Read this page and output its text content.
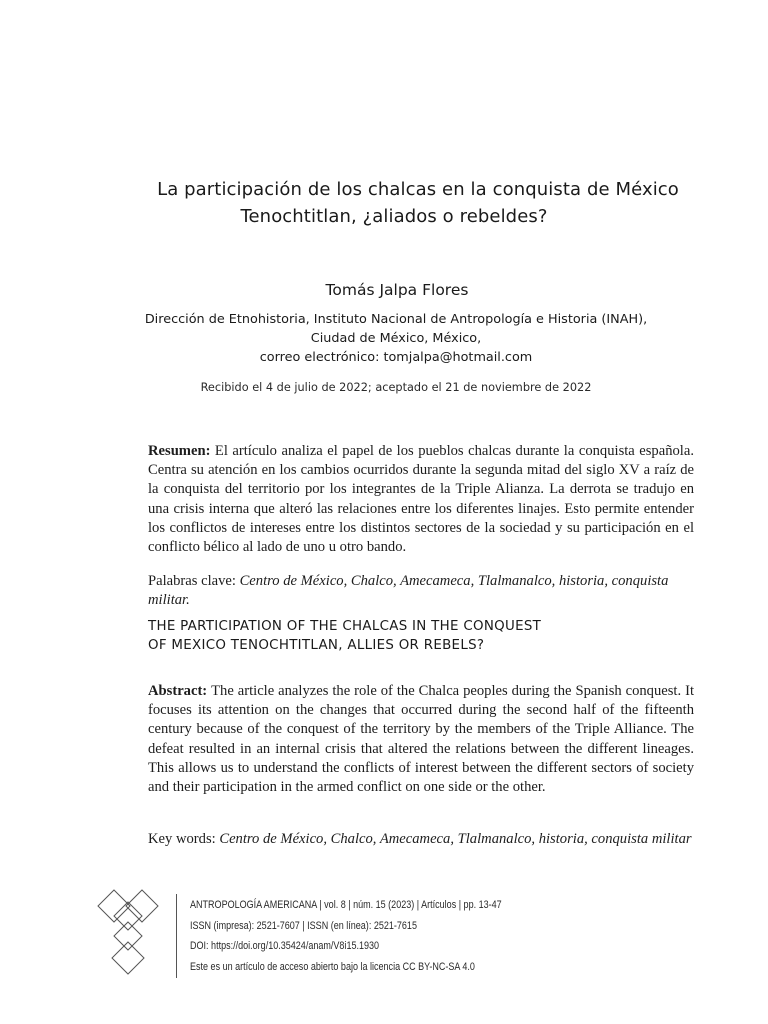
La participación de los chalcas en la conquista de México
Tenochtitlan, ¿aliados o rebeldes?
Tomás Jalpa Flores
Dirección de Etnohistoria, Instituto Nacional de Antropología e Historia (INAH),
Ciudad de México, México,
correo electrónico: tomjalpa@hotmail.com
Recibido el 4 de julio de 2022; aceptado el 21 de noviembre de 2022
Resumen: El artículo analiza el papel de los pueblos chalcas durante la conquista española. Centra su atención en los cambios ocurridos durante la segunda mitad del siglo XV a raíz de la conquista del territorio por los integrantes de la Triple Alianza. La derrota se tradujo en una crisis interna que alteró las relaciones entre los diferentes linajes. Esto permite entender los conflictos de intereses entre los distintos sectores de la sociedad y su participación en el conflicto bélico al lado de uno u otro bando.
Palabras clave: Centro de México, Chalco, Amecameca, Tlalmanalco, historia, conquista militar.
THE PARTICIPATION OF THE CHALCAS IN THE CONQUEST
OF MEXICO TENOCHTITLAN, ALLIES OR REBELS?
Abstract: The article analyzes the role of the Chalca peoples during the Spanish conquest. It focuses its attention on the changes that occurred during the second half of the fifteenth century because of the conquest of the territory by the members of the Triple Alliance. The defeat resulted in an internal crisis that altered the relations between the different lineages. This allows us to understand the conflicts of interest between the different sectors of society and their participation in the armed conflict on one side or the other.
Key words: Centro de México, Chalco, Amecameca, Tlalmanalco, historia, conquista militar
ANTROPOLOGÍA AMERICANA | vol. 8 | núm. 15 (2023) | Artículos | pp. 13-47
ISSN (impresa): 2521-7607 | ISSN (en línea): 2521-7615
DOI: https://doi.org/10.35424/anam/V8i15.1930
Este es un artículo de acceso abierto bajo la licencia CC BY-NC-SA 4.0
